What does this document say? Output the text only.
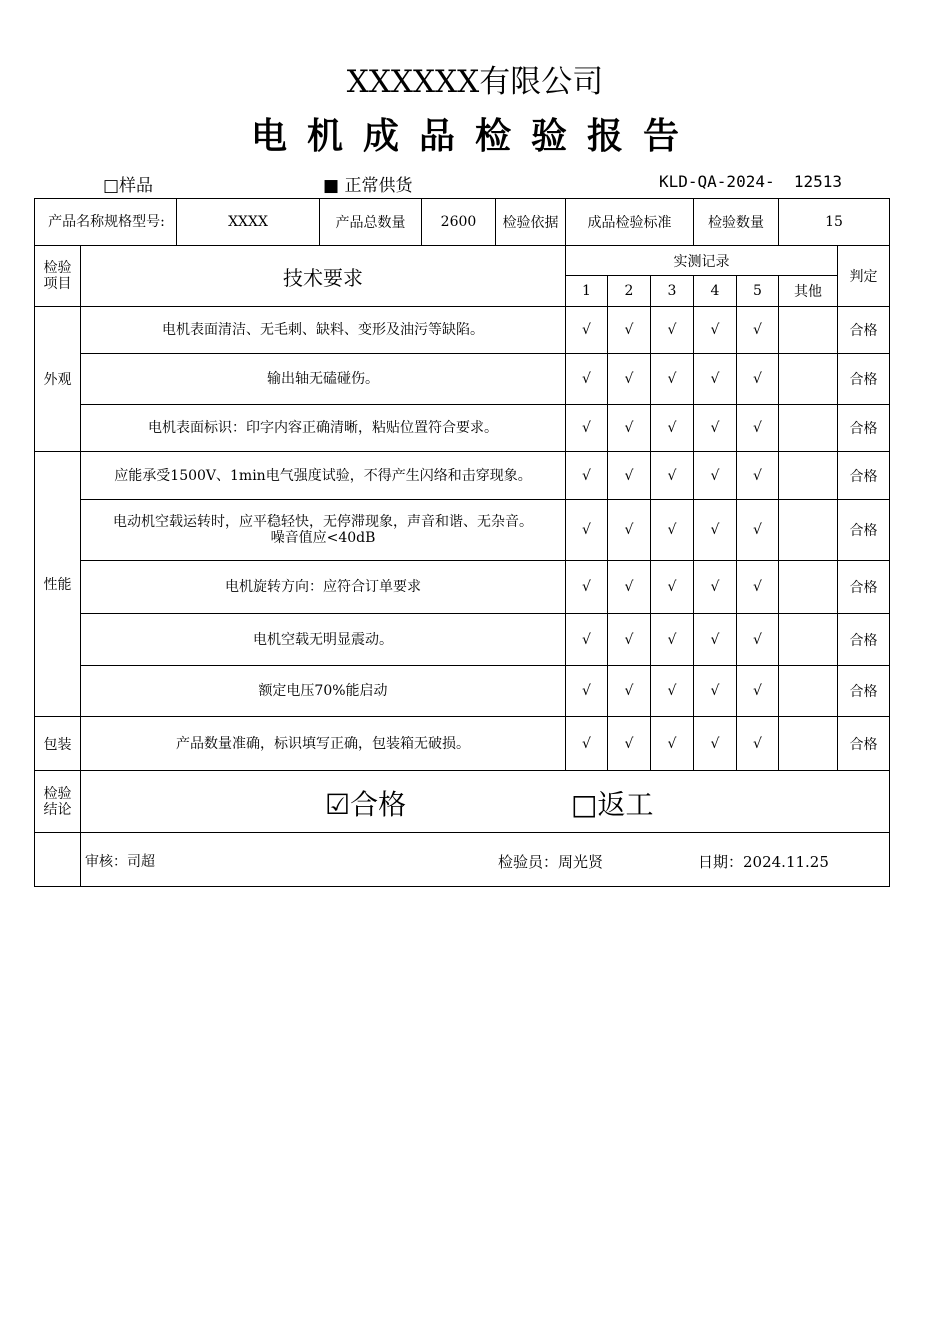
XXXXXX有限公司
电机成品检验报告
□样品	■ 正常供货	KLD-QA-2024-  12513
产品名称规格型号:		XXXX	产品总数量	2600	检验依据	成品检验标准			检验数量		15	
检验
项目	技术要求					实测记录						判定
						1	2	3	4	5	其他	
外观	电机表面清洁、无毛刺、缺料、变形及油污等缺陷。					√	√	√	√	√		合格
	输出轴无磕碰伤。					√	√	√	√	√		合格
	电机表面标识：印字内容正确清晰，粘贴位置符合要求。					√	√	√	√	√		合格
性能	应能承受1500V、1min电气强度试验，不得产生闪络和击穿现象。					√	√	√	√	√		合格
	电动机空载运转时，应平稳轻快，无停滞现象，声音和谐、无杂音。
噪音值应<40dB					√	√	√	√	√		合格
	电机旋转方向：应符合订单要求					√	√	√	√	√		合格
	电机空载无明显震动。					√	√	√	√	√		合格
	额定电压70%能启动					√	√	√	√	√		合格
包装	产品数量准确，标识填写正确，包装箱无破损。					√	√	√	√	√		合格
检验
结论	☑合格 □返工											

	审核：司超 检验员：周光贤 日期：2024.11.25											
